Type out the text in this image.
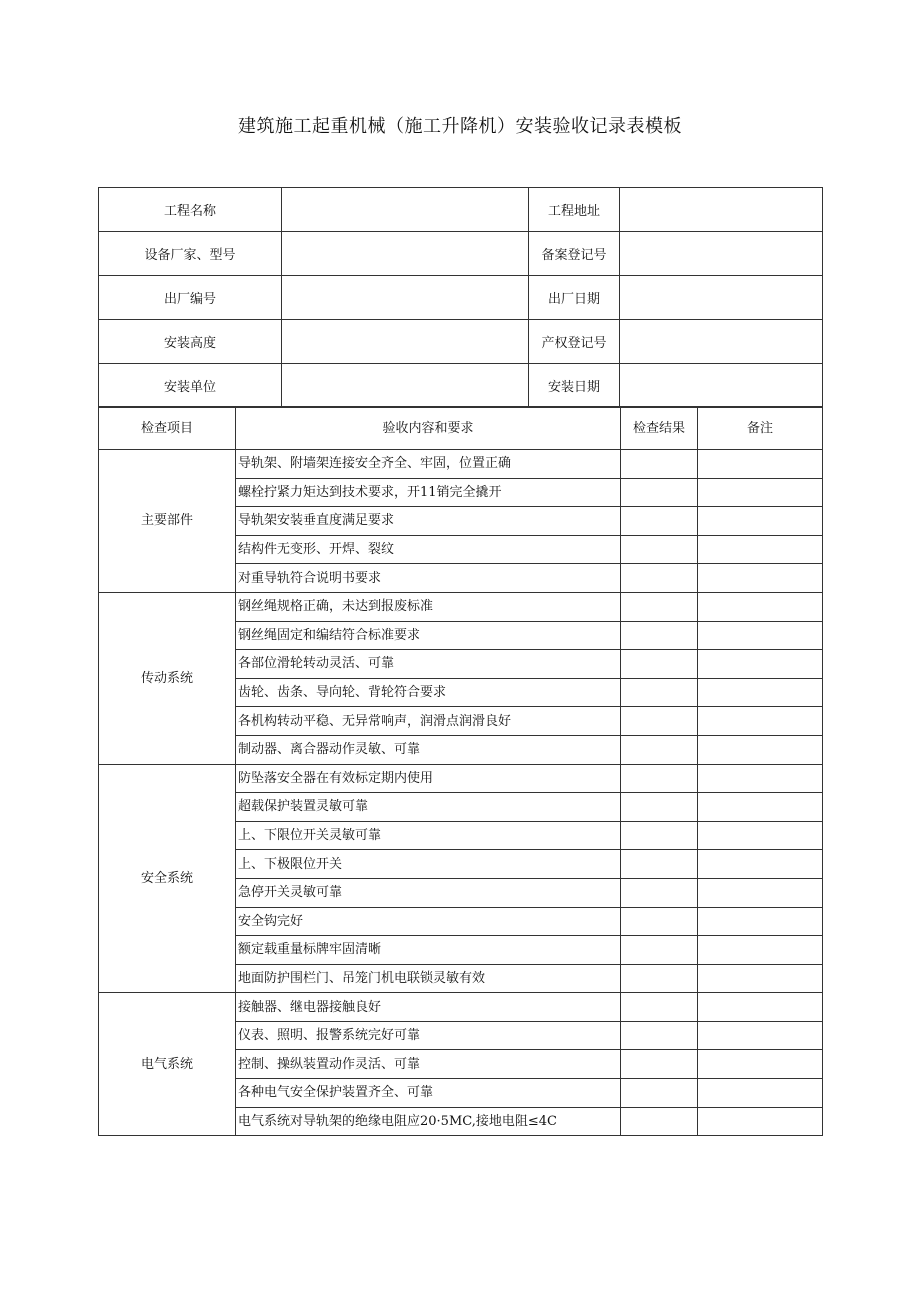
建筑施工起重机械（施工升降机）安装验收记录表模板
工程名称		工程地址	
设备厂家、型号		备案登记号	
出厂编号		出厂日期	
安装高度		产权登记号	
安装单位		安装日期	
检查项目	验收内容和要求	检查结果	备注
主要部件	导轨架、附墙架连接安全齐全、牢固，位置正确		
	螺栓拧紧力矩达到技术要求，开11销完全撬开		
	导轨架安装垂直度满足要求		
	结构件无变形、开焊、裂纹		
	对重导轨符合说明书要求		
传动系统	钢丝绳规格正确，未达到报废标准		
	钢丝绳固定和编结符合标准要求		
	各部位滑轮转动灵活、可靠		
	齿轮、齿条、导向轮、背轮符合要求		
	各机构转动平稳、无异常响声，润滑点润滑良好		
	制动器、离合器动作灵敏、可靠		
安全系统	防坠落安全器在有效标定期内使用		
	超载保护装置灵敏可靠		
	上、下限位开关灵敏可靠		
	上、下极限位开关		
	急停开关灵敏可靠		
	安全钩完好		
	额定载重量标牌牢固清晰		
	地面防护围栏门、吊笼门机电联锁灵敏有效		
电气系统	接触器、继电器接触良好		
	仪表、照明、报警系统完好可靠		
	控制、操纵装置动作灵活、可靠		
	各种电气安全保护装置齐全、可靠		
	电气系统对导轨架的绝缘电阻应20·5MC,接地电阻≤4C		
